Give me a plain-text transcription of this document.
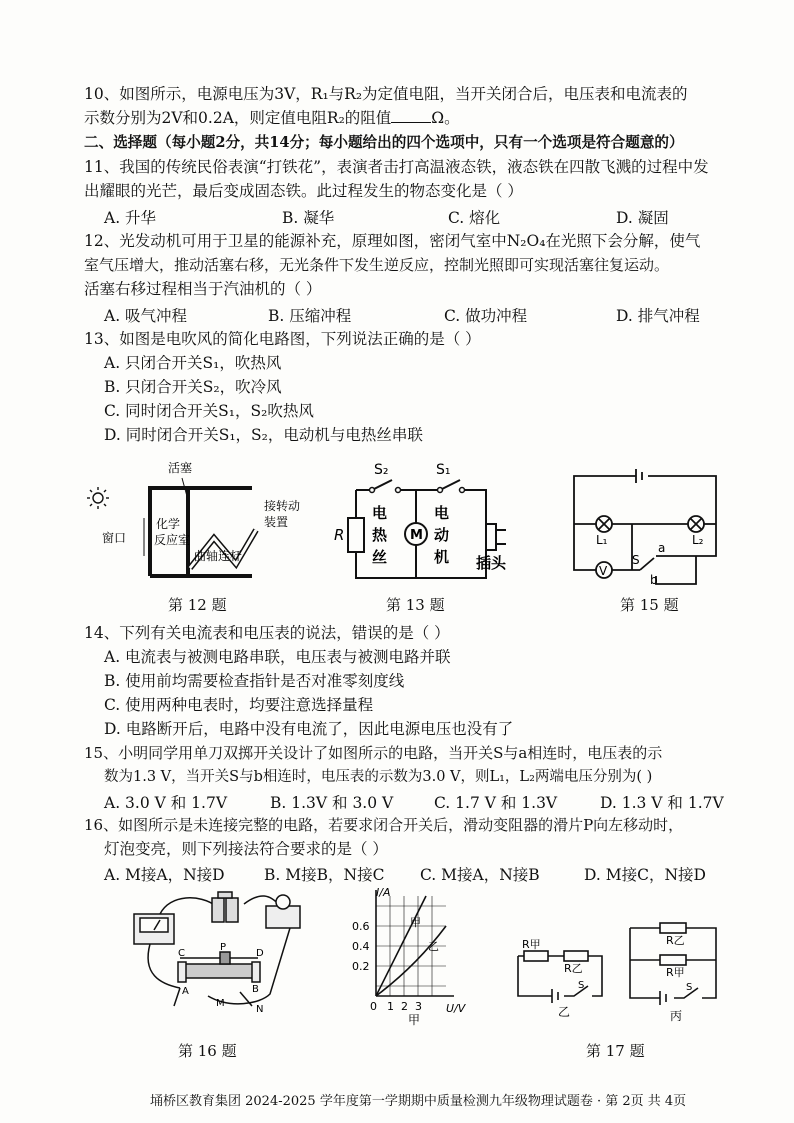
10、如图所示，电源电压为3V，R₁与R₂为定值电阻，当开关闭合后，电压表和电流表的
示数分别为2V和0.2A，则定值电阻R₂的阻值	Ω。
二、选择题（每小题2分，共14分；每小题给出的四个选项中，只有一个选项是符合题意的）
11、我国的传统民俗表演“打铁花”，表演者击打高温液态铁，液态铁在四散飞溅的过程中发
出耀眼的光芒，最后变成固态铁。此过程发生的物态变化是（ ）
A. 升华	B. 凝华	C. 熔化	D. 凝固
12、光发动机可用于卫星的能源补充，原理如图，密闭气室中N₂O₄在光照下会分解，使气
室气压增大，推动活塞右移，无光条件下发生逆反应，控制光照即可实现活塞往复运动。
活塞右移过程相当于汽油机的（ ）
A. 吸气冲程	B. 压缩冲程	C. 做功冲程	D. 排气冲程
13、如图是电吹风的简化电路图，下列说法正确的是（ ）
A. 只闭合开关S₁，吹热风
B. 只闭合开关S₂，吹冷风
C. 同时闭合开关S₁，S₂吹热风
D. 同时闭合开关S₁，S₂，电动机与电热丝串联
活塞
窗口
化学
反应室
曲轴连杆
接转动
装置
第 12 题
M
S₂	S₁
R
电
热
丝
电
动
机 插头
第 13 题
V
L₁	L₂
S
a
b
第 15 题
14、下列有关电流表和电压表的说法，错误的是（ ）
A. 电流表与被测电路串联，电压表与被测电路并联
B. 使用前均需要检查指针是否对准零刻度线
C. 使用两种电表时，均要注意选择量程
D. 电路断开后，电路中没有电流了，因此电源电压也没有了
15、小明同学用单刀双掷开关设计了如图所示的电路，当开关S与a相连时，电压表的示
数为1.3 V，当开关S与b相连时，电压表的示数为3.0 V，则L₁，L₂两端电压分别为( )
A. 3.0 V 和 1.7V	B. 1.3V 和 3.0 V	C. 1.7 V 和 1.3V	D. 1.3 V 和 1.7V
16、如图所示是未连接完整的电路，若要求闭合开关后，滑动变阻器的滑片P向左移动时，
灯泡变亮，则下列接法符合要求的是（ ）
A. M接A，N接D	B. M接B，N接C C. M接A，N接B	D. M接C，N接D
C
P
D
A	B
M
N
第 16 题
I/A
U/V
0
0.2
0.4
0.6
1 2 3
甲
乙
甲
R甲
R乙
S
乙
R乙
R甲
S
丙
第 17 题
埇桥区教育集团 2024-2025 学年度第一学期期中质量检测九年级物理试题卷 · 第 2页 共 4页
